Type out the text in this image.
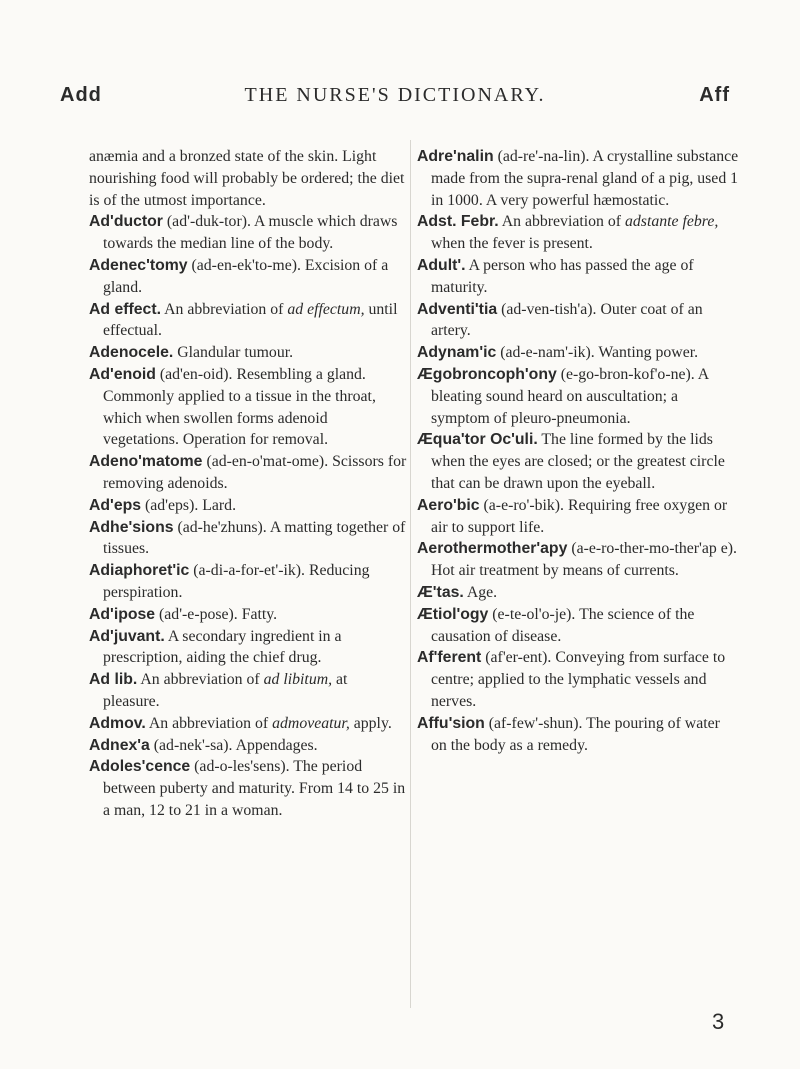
Add	THE NURSE'S DICTIONARY.	Aff
anæmia and a bronzed state of the skin. Light nourishing food will probably be ordered; the diet is of the utmost importance.
Ad'ductor (ad'-duk-tor). A muscle which draws towards the median line of the body.
Adenec'tomy (ad-en-ek'to-me). Excision of a gland.
Ad effect. An abbreviation of ad effectum, until effectual.
Adenocele. Glandular tumour.
Ad'enoid (ad'en-oid). Resembling a gland. Commonly applied to a tissue in the throat, which when swollen forms adenoid vegetations. Operation for removal.
Adeno'matome (ad-en-o'mat-ome). Scissors for removing adenoids.
Ad'eps (ad'eps). Lard.
Adhe'sions (ad-he'zhuns). A matting together of tissues.
Adiaphoret'ic (a-di-a-for-et'-ik). Reducing perspiration.
Ad'ipose (ad'-e-pose). Fatty.
Ad'juvant. A secondary ingredient in a prescription, aiding the chief drug.
Ad lib. An abbreviation of ad libitum, at pleasure.
Admov. An abbreviation of admoveatur, apply.
Adnex'a (ad-nek'-sa). Appendages.
Adoles'cence (ad-o-les'sens). The period between puberty and maturity. From 14 to 25 in a man, 12 to 21 in a woman.
Adre'nalin (ad-re'-na-lin). A crystalline substance made from the supra-renal gland of a pig, used 1 in 1000. A very powerful hæmostatic.
Adst. Febr. An abbreviation of adstante febre, when the fever is present.
Adult'. A person who has passed the age of maturity.
Adventi'tia (ad-ven-tish'a). Outer coat of an artery.
Adynam'ic (ad-e-nam'-ik). Wanting power.
Ægobroncoph'ony (e-go-bron-kof'o-ne). A bleating sound heard on auscultation; a symptom of pleuro-pneumonia.
Æqua'tor Oc'uli. The line formed by the lids when the eyes are closed; or the greatest circle that can be drawn upon the eyeball.
Aero'bic (a-e-ro'-bik). Requiring free oxygen or air to support life.
Aerothermother'apy (a-e-ro-ther-mo-ther'ap e). Hot air treatment by means of currents.
Æ'tas. Age.
Ætiol'ogy (e-te-ol'o-je). The science of the causation of disease.
Af'ferent (af'er-ent). Conveying from surface to centre; applied to the lymphatic vessels and nerves.
Affu'sion (af-few'-shun). The pouring of water on the body as a remedy.
3
